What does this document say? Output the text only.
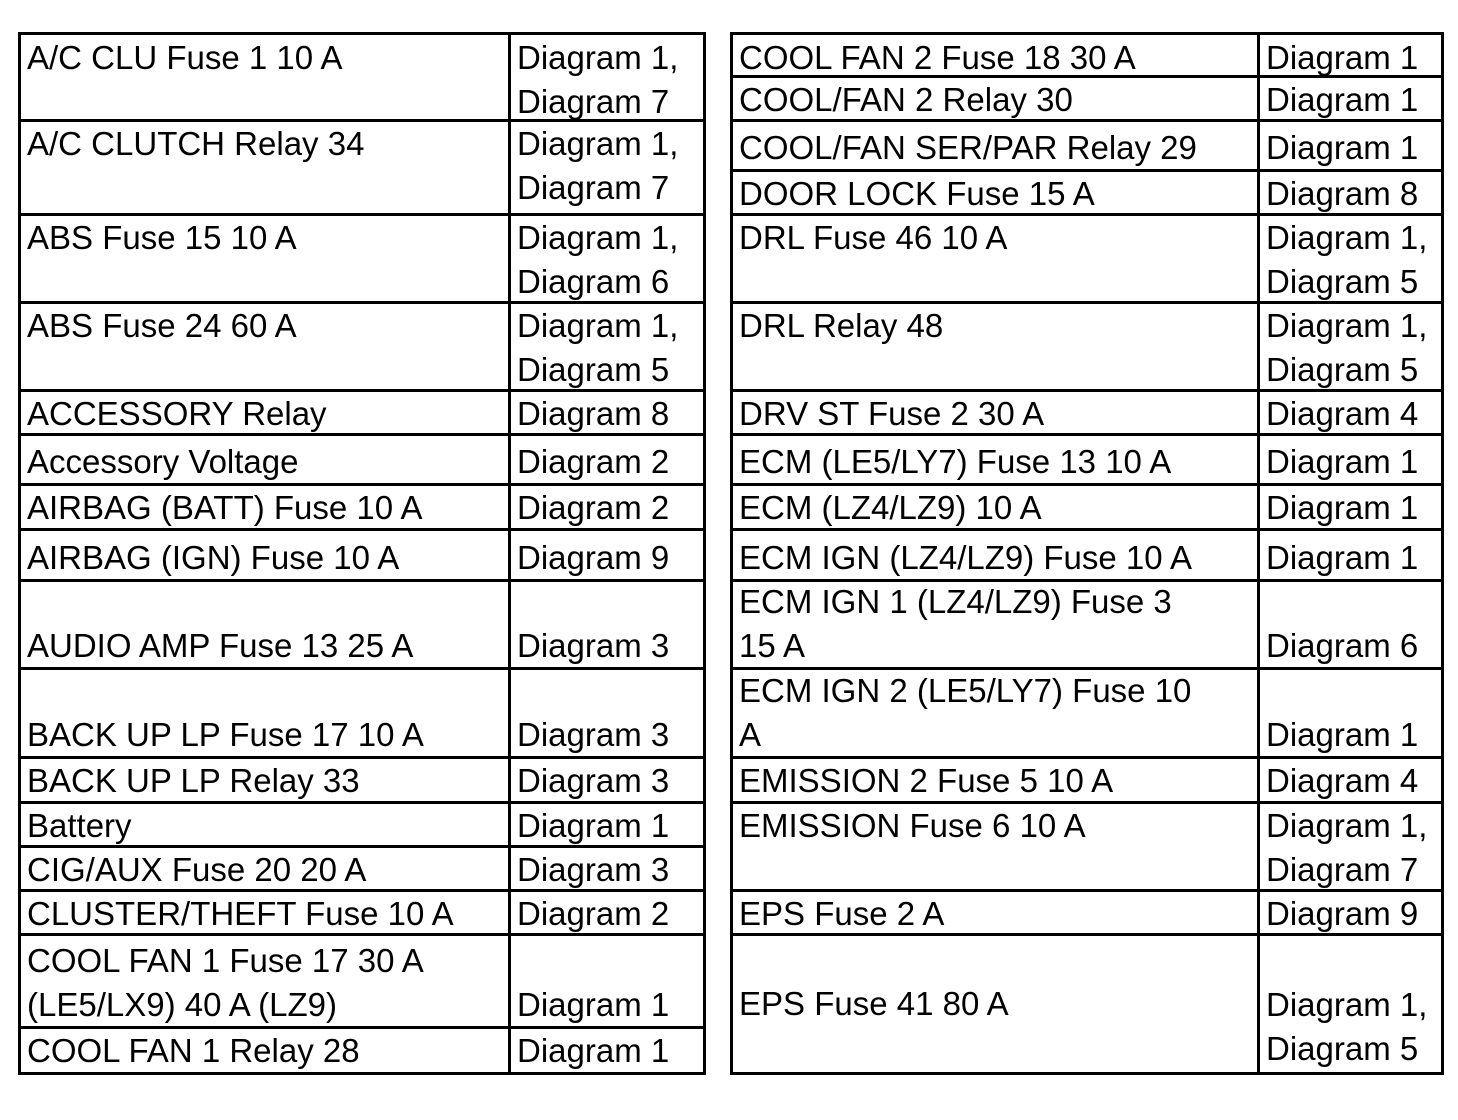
A/C CLU Fuse 1 10 A	Diagram 1,
Diagram 7
A/C CLUTCH Relay 34	Diagram 1,
Diagram 7
ABS Fuse 15 10 A	Diagram 1,
Diagram 6
ABS Fuse 24 60 A	Diagram 1,
Diagram 5
ACCESSORY Relay	Diagram 8
Accessory Voltage	Diagram 2
AIRBAG (BATT) Fuse 10 A	Diagram 2
AIRBAG (IGN) Fuse 10 A	Diagram 9
AUDIO AMP Fuse 13 25 A	Diagram 3
BACK UP LP Fuse 17 10 A	Diagram 3
BACK UP LP Relay 33	Diagram 3
Battery	Diagram 1
CIG/AUX Fuse 20 20 A	Diagram 3
CLUSTER/THEFT Fuse 10 A	Diagram 2
COOL FAN 1 Fuse 17 30 A
(LE5/LX9) 40 A (LZ9)	Diagram 1
COOL FAN 1 Relay 28	Diagram 1
COOL FAN 2 Fuse 18 30 A	Diagram 1
COOL/FAN 2 Relay 30	Diagram 1
COOL/FAN SER/PAR Relay 29	Diagram 1
DOOR LOCK Fuse 15 A	Diagram 8
DRL Fuse 46 10 A	Diagram 1,
Diagram 5
DRL Relay 48	Diagram 1,
Diagram 5
DRV ST Fuse 2 30 A	Diagram 4
ECM (LE5/LY7) Fuse 13 10 A	Diagram 1
ECM (LZ4/LZ9) 10 A	Diagram 1
ECM IGN (LZ4/LZ9) Fuse 10 A	Diagram 1
ECM IGN 1 (LZ4/LZ9) Fuse 3
15 A	Diagram 6
ECM IGN 2 (LE5/LY7) Fuse 10
A	Diagram 1
EMISSION 2 Fuse 5 10 A	Diagram 4
EMISSION Fuse 6 10 A	Diagram 1,
Diagram 7
EPS Fuse 2 A	Diagram 9
EPS Fuse 41 80 A	Diagram 1,
Diagram 5
